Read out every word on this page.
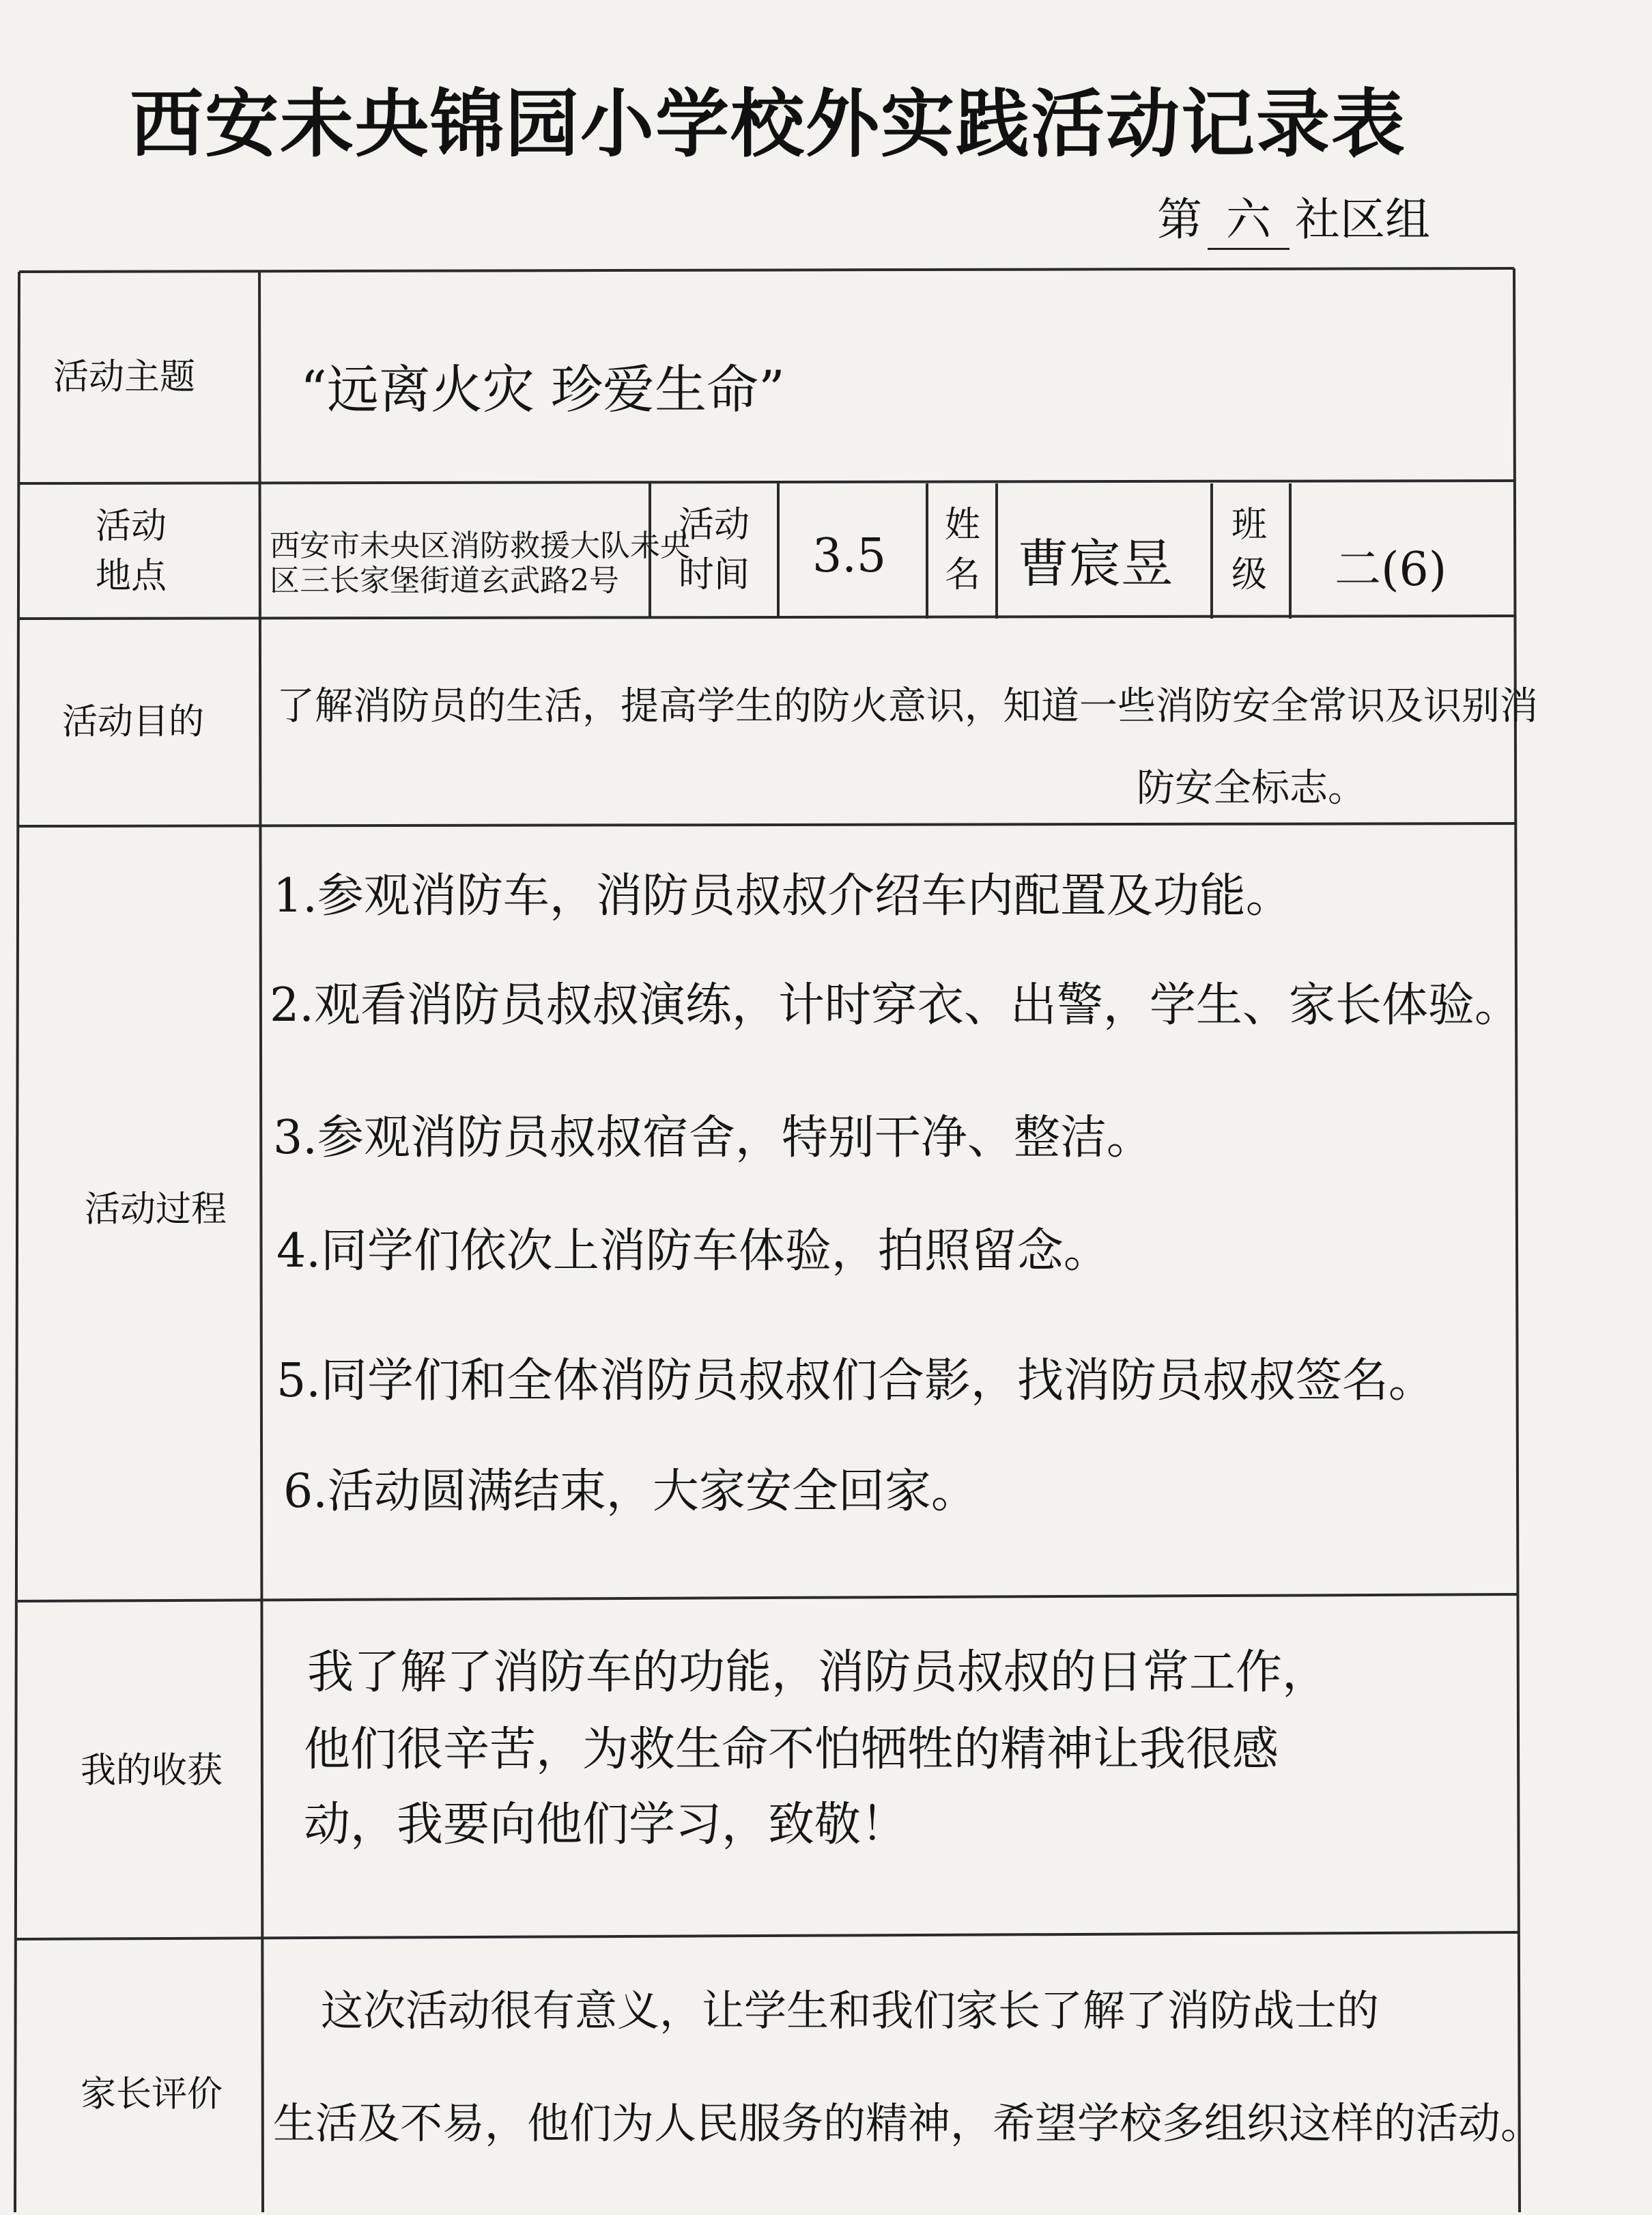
西安未央锦园小学校外实践活动记录表
第 六 社区组
活动主题 “远离火灾 珍爱生命”
活动
地点
西安市未央区消防救援大队未央
区三长家堡街道玄武路2号
活动
时间 3.5
姓
名 曹宸昱
班
级 二(6)
活动目的 了解消防员的生活，提高学生的防火意识，知道一些消防安全常识及识别消
防安全标志。
活动过程
1.参观消防车，消防员叔叔介绍车内配置及功能。
2.观看消防员叔叔演练，计时穿衣、出警，学生、家长体验。
3.参观消防员叔叔宿舍，特别干净、整洁。
4.同学们依次上消防车体验，拍照留念。
5.同学们和全体消防员叔叔们合影，找消防员叔叔签名。
6.活动圆满结束，大家安全回家。
我的收获
我了解了消防车的功能，消防员叔叔的日常工作，
他们很辛苦，为救生命不怕牺牲的精神让我很感
动，我要向他们学习，致敬！
家长评价
这次活动很有意义，让学生和我们家长了解了消防战士的
生活及不易，他们为人民服务的精神，希望学校多组织这样的活动。
